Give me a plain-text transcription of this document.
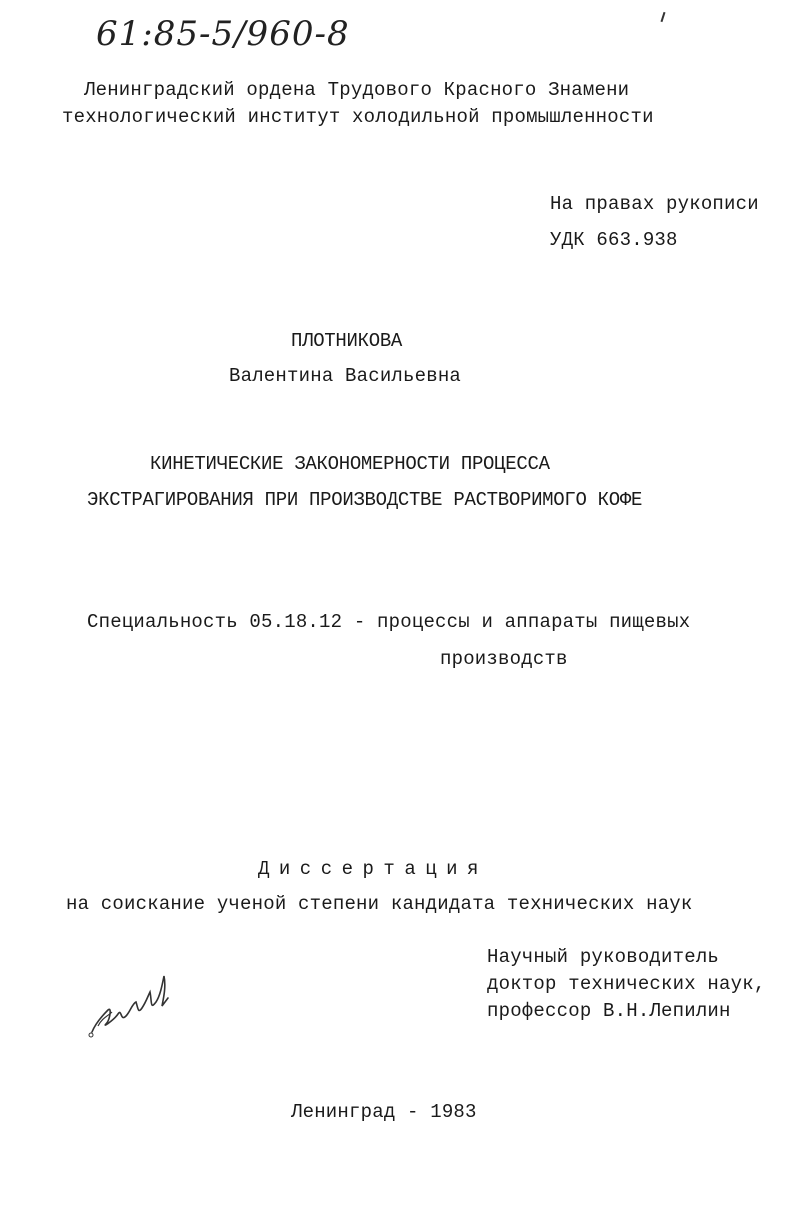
61:85-5/960-8
Ленинградский ордена Трудового Красного Знамени
технологический институт холодильной промышленности
На правах рукописи
УДК 663.938
ПЛОТНИКОВА
Валентина Васильевна
КИНЕТИЧЕСКИЕ ЗАКОНОМЕРНОСТИ ПРОЦЕССА
ЭКСТРАГИРОВАНИЯ ПРИ ПРОИЗВОДСТВЕ РАСТВОРИМОГО КОФЕ
Специальность 05.18.12 - процессы и аппараты пищевых
производств
Диссертация
на соискание ученой степени кандидата технических наук
Научный руководитель
доктор технических наук,
профессор В.Н.Лепилин
Ленинград - 1983
